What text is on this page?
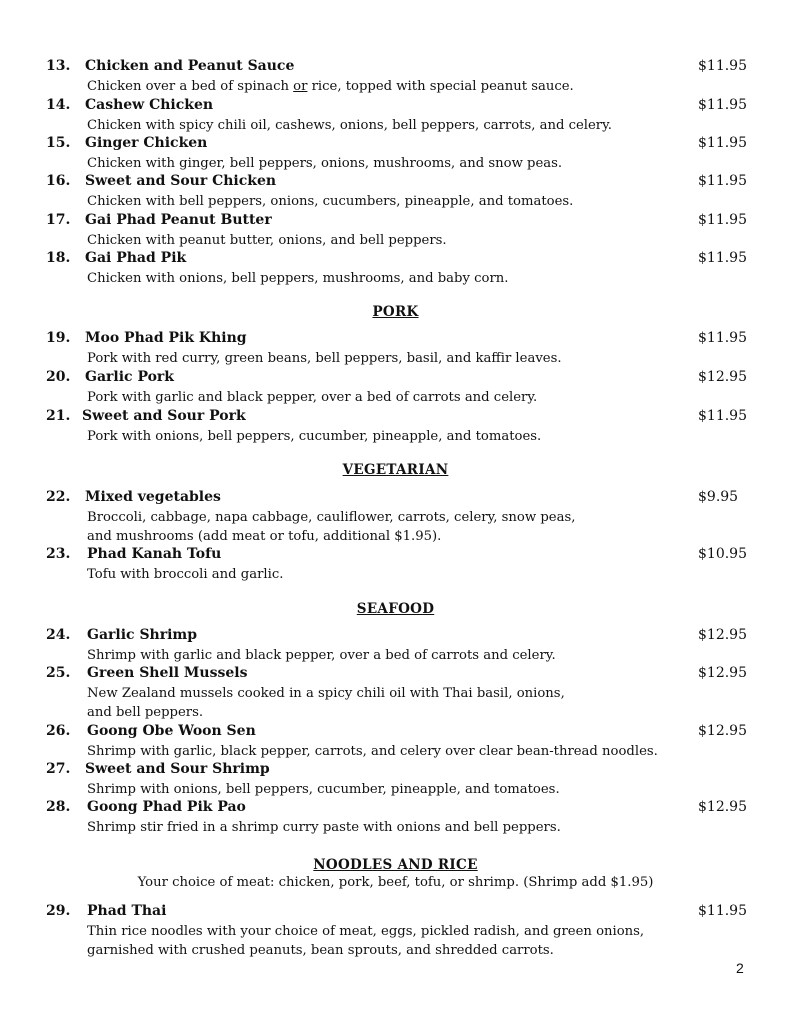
13. Chicken and Peanut Sauce	$11.95
Chicken over a bed of spinach or rice, topped with special peanut sauce.
14. Cashew Chicken	$11.95
Chicken with spicy chili oil, cashews, onions, bell peppers, carrots, and celery.
15. Ginger Chicken	$11.95
Chicken with ginger, bell peppers, onions, mushrooms, and snow peas.
16. Sweet and Sour Chicken	$11.95
Chicken with bell peppers, onions, cucumbers, pineapple, and tomatoes.
17. Gai Phad Peanut Butter	$11.95
Chicken with peanut butter, onions, and bell peppers.
18. Gai Phad Pik	$11.95
Chicken with onions, bell peppers, mushrooms, and baby corn.
PORK
19. Moo Phad Pik Khing	$11.95
Pork with red curry, green beans, bell peppers, basil, and kaffir leaves.
20. Garlic Pork	$12.95
Pork with garlic and black pepper, over a bed of carrots and celery.
21. Sweet and Sour Pork	$11.95
Pork with onions, bell peppers, cucumber, pineapple, and tomatoes.
VEGETARIAN
22. Mixed vegetables	$9.95
Broccoli, cabbage, napa cabbage, cauliflower, carrots, celery, snow peas,
and mushrooms (add meat or tofu, additional $1.95).
23. Phad Kanah Tofu	$10.95
Tofu with broccoli and garlic.
SEAFOOD
24. Garlic Shrimp	$12.95
Shrimp with garlic and black pepper, over a bed of carrots and celery.
25. Green Shell Mussels	$12.95
New Zealand mussels cooked in a spicy chili oil with Thai basil, onions,
and bell peppers.
26. Goong Obe Woon Sen	$12.95
Shrimp with garlic, black pepper, carrots, and celery over clear bean-thread noodles.
27. Sweet and Sour Shrimp
Shrimp with onions, bell peppers, cucumber, pineapple, and tomatoes.
28. Goong Phad Pik Pao	$12.95
Shrimp stir fried in a shrimp curry paste with onions and bell peppers.
NOODLES AND RICE
Your choice of meat: chicken, pork, beef, tofu, or shrimp. (Shrimp add $1.95)
29. Phad Thai	$11.95
Thin rice noodles with your choice of meat, eggs, pickled radish, and green onions,
garnished with crushed peanuts, bean sprouts, and shredded carrots.
2
